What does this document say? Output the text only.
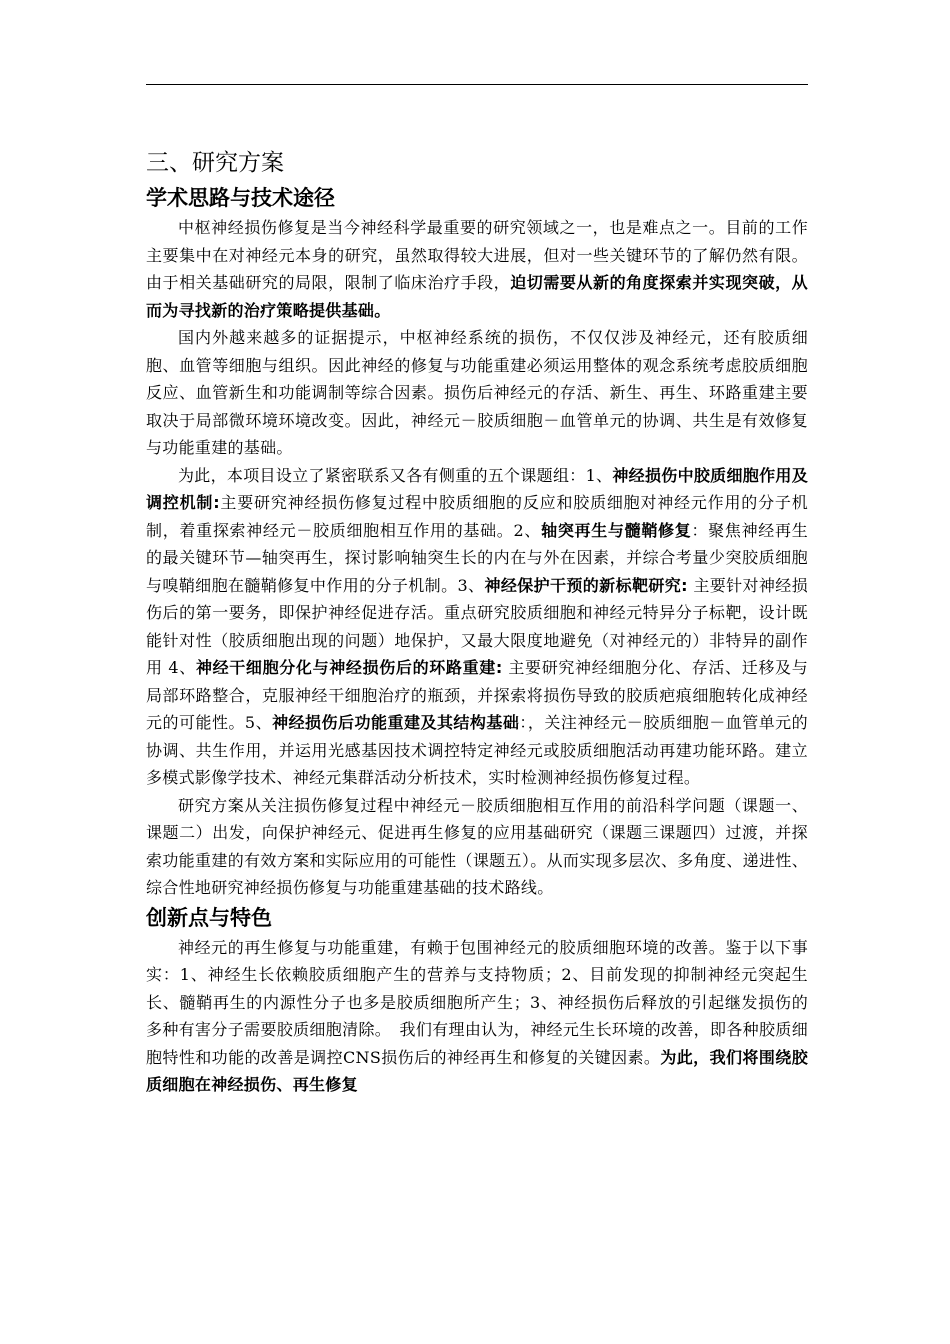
三、研究方案
学术思路与技术途径

中枢神经损伤修复是当今神经科学最重要的研究领域之一，也是难点之一。目前的工作主要集中在对神经元本身的研究，虽然取得较大进展，但对一些关键环节的了解仍然有限。由于相关基础研究的局限，限制了临床治疗手段，迫切需要从新的角度探索并实现突破，从而为寻找新的治疗策略提供基础。

国内外越来越多的证据提示，中枢神经系统的损伤，不仅仅涉及神经元，还有胶质细胞、血管等细胞与组织。因此神经的修复与功能重建必须运用整体的观念系统考虑胶质细胞反应、血管新生和功能调制等综合因素。损伤后神经元的存活、新生、再生、环路重建主要取决于局部微环境环境改变。因此，神经元－胶质细胞－血管单元的协调、共生是有效修复与功能重建的基础。

为此，本项目设立了紧密联系又各有侧重的五个课题组：1、神经损伤中胶质细胞作用及调控机制:主要研究神经损伤修复过程中胶质细胞的反应和胶质细胞对神经元作用的分子机制，着重探索神经元－胶质细胞相互作用的基础。2、轴突再生与髓鞘修复：聚焦神经再生的最关键环节—轴突再生，探讨影响轴突生长的内在与外在因素，并综合考量少突胶质细胞与嗅鞘细胞在髓鞘修复中作用的分子机制。3、神经保护干预的新标靶研究: 主要针对神经损伤后的第一要务，即保护神经促进存活。重点研究胶质细胞和神经元特异分子标靶，设计既能针对性（胶质细胞出现的问题）地保护，又最大限度地避免（对神经元的）非特异的副作用 4、神经干细胞分化与神经损伤后的环路重建: 主要研究神经细胞分化、存活、迁移及与局部环路整合，克服神经干细胞治疗的瓶颈，并探索将损伤导致的胶质疤痕细胞转化成神经元的可能性。5、神经损伤后功能重建及其结构基础：，关注神经元－胶质细胞－血管单元的协调、共生作用，并运用光感基因技术调控特定神经元或胶质细胞活动再建功能环路。建立多模式影像学技术、神经元集群活动分析技术，实时检测神经损伤修复过程。

研究方案从关注损伤修复过程中神经元－胶质细胞相互作用的前沿科学问题（课题一、课题二）出发，向保护神经元、促进再生修复的应用基础研究（课题三课题四）过渡，并探索功能重建的有效方案和实际应用的可能性（课题五）。从而实现多层次、多角度、递进性、综合性地研究神经损伤修复与功能重建基础的技术路线。

创新点与特色

神经元的再生修复与功能重建，有赖于包围神经元的胶质细胞环境的改善。鉴于以下事实：1、神经生长依赖胶质细胞产生的营养与支持物质；2、目前发现的抑制神经元突起生长、髓鞘再生的内源性分子也多是胶质细胞所产生；3、神经损伤后释放的引起继发损伤的多种有害分子需要胶质细胞清除。　我们有理由认为，神经元生长环境的改善，即各种胶质细胞特性和功能的改善是调控CNS损伤后的神经再生和修复的关键因素。为此，我们将围绕胶质细胞在神经损伤、再生修复
